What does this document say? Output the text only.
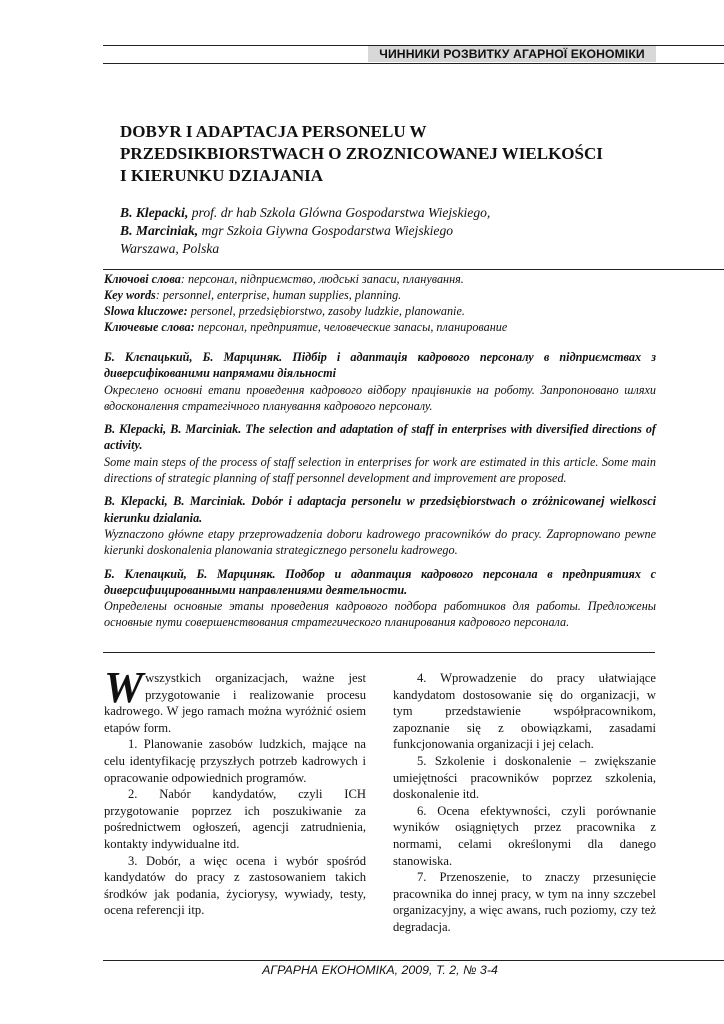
ЧИННИКИ РОЗВИТКУ АГАРНОЇ ЕКОНОМІКИ
DOBУR I ADAPTACJA PERSONELU W
PRZEDSIKBIORSTWACH O ZROZNICOWANEJ WIELKOŚCI
I KIERUNKU DZIAJANIA
B. Klepacki, prof. dr hab Szkola Glówna Gospodarstwa Wiejskiego,
B. Marciniak, mgr Szkoia Giywna Gospodarstwa Wiejskiego
Warszawa, Polska
Ключові слова: персонал, підприємство, людські запаси, планування.
Key words: personnel, enterprise, human supplies, planning.
Slowa kluczowe: personel, przedsiębiorstwo, zasoby ludzkie, planowanie.
Ключевые слова: персонал, предприятие, человеческие запасы, планирование
Б. Клєпацький, Б. Марциняк. Підбір і адаптація кадрового персоналу в підприємствах з диверсифікованими напрямами діяльності
Окреслено основні етапи проведення кадрового відбору працівників на роботу. Запропоновано шляхи вдосконалення стратегічного планування кадрового персоналу.
B. Klepacki, B. Marciniak. The selection and adaptation of staff in enterprises with diversified directions of activity.
Some main steps of the process of staff selection in enterprises for work are estimated in this article. Some main directions of strategic planning of staff personnel development and improvement are proposed.
B. Klepacki, B. Marciniak. Dobór i adaptacja personelu w przedsiębiorstwach o zróżnicowanej wielkosci kierunku dzialania.
Wyznaczono główne etapy przeprowadzenia doboru kadrowego pracowników do pracy. Zapropnowano pewne kierunki doskonalenia planowania strategicznego personelu kadrowego.
Б. Клепацкий, Б. Марциняк. Подбор и адаптация кадрового персонала в предприятиях с диверсифицированными направлениями деятельности.
Определены основные этапы проведения кадрового подбора работников для работы. Предложены основные пути совершенствования стратегического планирования кадрового персонала.

W wszystkich organizacjach, ważne jest przygotowanie i realizowanie procesu kadrowego. W jego ramach można wyróżnić osiem etapów form.

1. Planowanie zasobów ludzkich, mające na celu identyfikację przyszłych potrzeb kadrowych i opracowanie odpowiednich programów.

2. Nabór kandydatów, czyli ICH przygotowanie poprzez ich poszukiwanie za pośrednictwem ogłoszeń, agencji zatrudnienia, kontakty indywidualne itd.

3. Dobór, a więc ocena i wybór spośród kandydatów do pracy z zastosowaniem takich środków jak podania, życiorysy, wywiady, testy, ocena referencji itp.

4. Wprowadzenie do pracy ułatwiające kandydatom dostosowanie się do organizacji, w tym przedstawienie współpracownikom, zapoznanie się z obowiązkami, zasadami funkcjonowania organizacji i jej celach.

5. Szkolenie i doskonalenie – zwiększanie umiejętności pracowników poprzez szkolenia, doskonalenie itd.

6. Ocena efektywności, czyli porównanie wyników osiągniętych przez pracownika z normami, celami określonymi dla danego stanowiska.

7. Przenoszenie, to znaczy przesunięcie pracownika do innej pracy, w tym na inny szczebel organizacyjny, a więc awans, ruch poziomy, czy też degradacja.

АГРАРНА ЕКОНОМІКА, 2009, Т. 2, № 3-4
